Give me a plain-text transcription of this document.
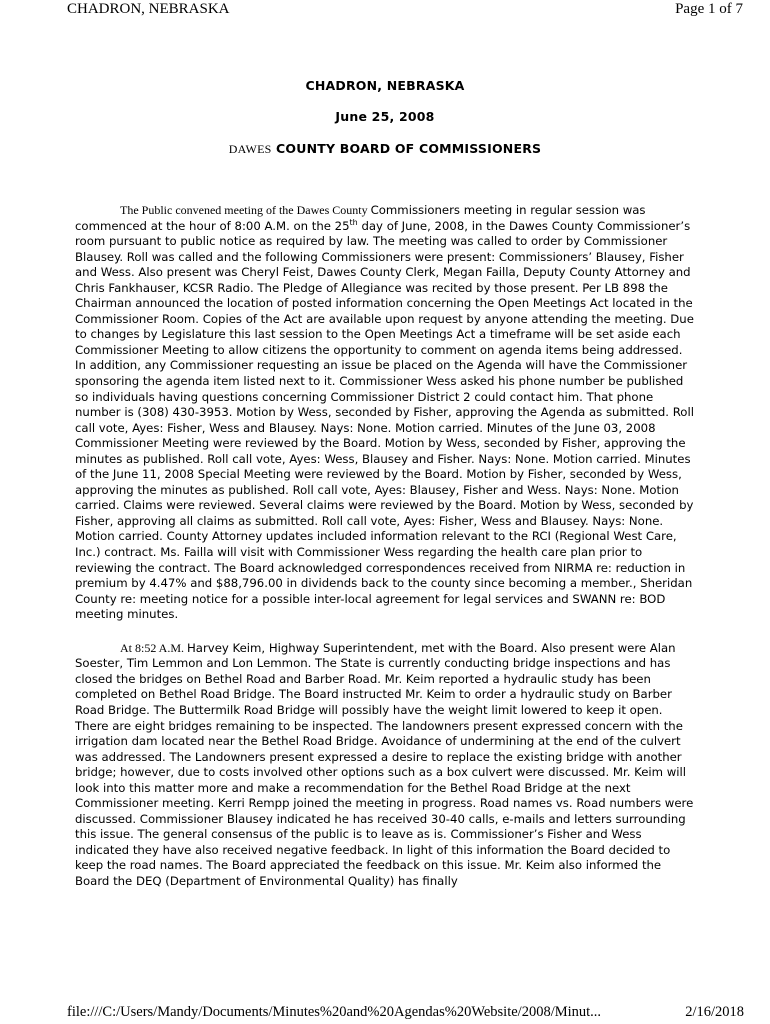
CHADRON, NEBRASKA	Page 1 of 7
CHADRON, NEBRASKA
June 25, 2008
DAWES COUNTY BOARD OF COMMISSIONERS

The Public convened meeting of the Dawes County Commissioners meeting in regular session was commenced at the hour of 8:00 A.M. on the 25th day of June, 2008, in the Dawes County Commissioner’s room pursuant to public notice as required by law. The meeting was called to order by Commissioner Blausey. Roll was called and the following Commissioners were present: Commissioners’ Blausey, Fisher and Wess. Also present was Cheryl Feist, Dawes County Clerk, Megan Failla, Deputy County Attorney and Chris Fankhauser, KCSR Radio. The Pledge of Allegiance was recited by those present. Per LB 898 the Chairman announced the location of posted information concerning the Open Meetings Act located in the Commissioner Room. Copies of the Act are available upon request by anyone attending the meeting. Due to changes by Legislature this last session to the Open Meetings Act a timeframe will be set aside each Commissioner Meeting to allow citizens the opportunity to comment on agenda items being addressed. In addition, any Commissioner requesting an issue be placed on the Agenda will have the Commissioner sponsoring the agenda item listed next to it. Commissioner Wess asked his phone number be published so individuals having questions concerning Commissioner District 2 could contact him. That phone number is (308) 430-3953. Motion by Wess, seconded by Fisher, approving the Agenda as submitted. Roll call vote, Ayes: Fisher, Wess and Blausey. Nays: None. Motion carried. Minutes of the June 03, 2008 Commissioner Meeting were reviewed by the Board. Motion by Wess, seconded by Fisher, approving the minutes as published. Roll call vote, Ayes: Wess, Blausey and Fisher. Nays: None. Motion carried. Minutes of the June 11, 2008 Special Meeting were reviewed by the Board. Motion by Fisher, seconded by Wess, approving the minutes as published. Roll call vote, Ayes: Blausey, Fisher and Wess. Nays: None. Motion carried. Claims were reviewed. Several claims were reviewed by the Board. Motion by Wess, seconded by Fisher, approving all claims as submitted. Roll call vote, Ayes: Fisher, Wess and Blausey. Nays: None. Motion carried. County Attorney updates included information relevant to the RCI (Regional West Care, Inc.) contract. Ms. Failla will visit with Commissioner Wess regarding the health care plan prior to reviewing the contract. The Board acknowledged correspondences received from NIRMA re: reduction in premium by 4.47% and $88,796.00 in dividends back to the county since becoming a member., Sheridan County re: meeting notice for a possible inter-local agreement for legal services and SWANN re: BOD meeting minutes.

At 8:52 A.M. Harvey Keim, Highway Superintendent, met with the Board. Also present were Alan Soester, Tim Lemmon and Lon Lemmon. The State is currently conducting bridge inspections and has closed the bridges on Bethel Road and Barber Road. Mr. Keim reported a hydraulic study has been completed on Bethel Road Bridge. The Board instructed Mr. Keim to order a hydraulic study on Barber Road Bridge. The Buttermilk Road Bridge will possibly have the weight limit lowered to keep it open. There are eight bridges remaining to be inspected. The landowners present expressed concern with the irrigation dam located near the Bethel Road Bridge. Avoidance of undermining at the end of the culvert was addressed. The Landowners present expressed a desire to replace the existing bridge with another bridge; however, due to costs involved other options such as a box culvert were discussed. Mr. Keim will look into this matter more and make a recommendation for the Bethel Road Bridge at the next Commissioner meeting. Kerri Rempp joined the meeting in progress. Road names vs. Road numbers were discussed. Commissioner Blausey indicated he has received 30-40 calls, e-mails and letters surrounding this issue. The general consensus of the public is to leave as is. Commissioner’s Fisher and Wess indicated they have also received negative feedback. In light of this information the Board decided to keep the road names. The Board appreciated the feedback on this issue. Mr. Keim also informed the Board the DEQ (Department of Environmental Quality) has finally

file:///C:/Users/Mandy/Documents/Minutes%20and%20Agendas%20Website/2008/Minut...	2/16/2018
